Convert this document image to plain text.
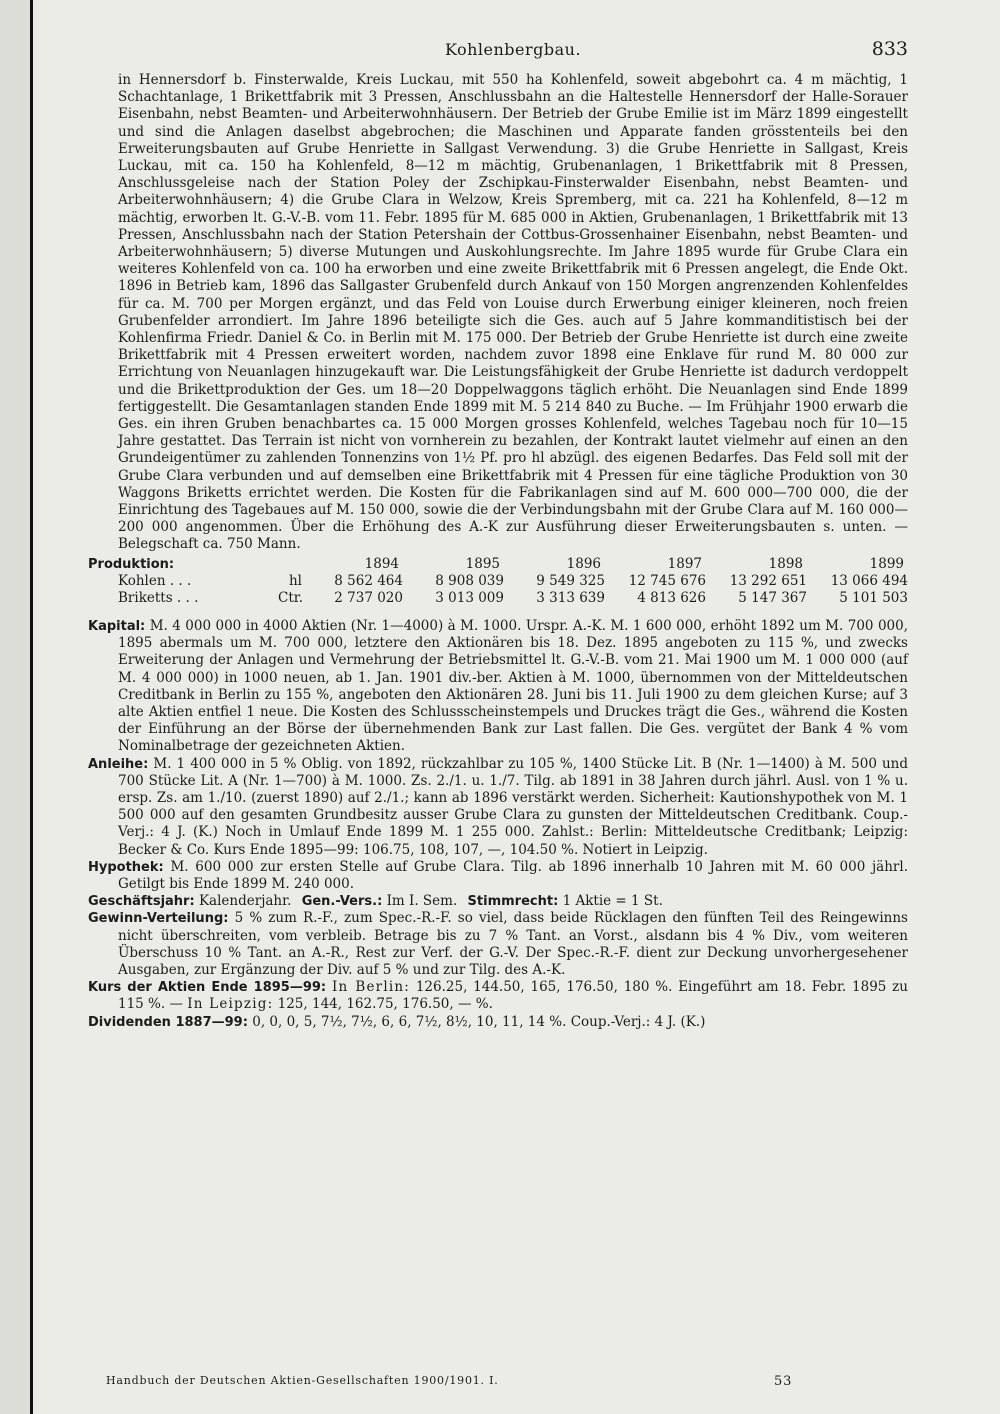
Kohlenbergbau.	833

in Hennersdorf b. Finsterwalde, Kreis Luckau, mit 550 ha Kohlenfeld, soweit abgebohrt ca. 4 m mächtig, 1 Schachtanlage, 1 Brikettfabrik mit 3 Pressen, Anschlussbahn an die Haltestelle Hennersdorf der Halle-Sorauer Eisenbahn, nebst Beamten- und Arbeiterwohnhäusern. Der Betrieb der Grube Emilie ist im März 1899 eingestellt und sind die Anlagen daselbst abgebrochen; die Maschinen und Apparate fanden grösstenteils bei den Erweiterungsbauten auf Grube Henriette in Sallgast Verwendung. 3) die Grube Henriette in Sallgast, Kreis Luckau, mit ca. 150 ha Kohlenfeld, 8—12 m mächtig, Grubenanlagen, 1 Brikettfabrik mit 8 Pressen, Anschlussgeleise nach der Station Poley der Zschipkau-Finsterwalder Eisenbahn, nebst Beamten- und Arbeiterwohnhäusern; 4) die Grube Clara in Welzow, Kreis Spremberg, mit ca. 221 ha Kohlenfeld, 8—12 m mächtig, erworben lt. G.-V.-B. vom 11. Febr. 1895 für M. 685 000 in Aktien, Grubenanlagen, 1 Brikettfabrik mit 13 Pressen, Anschlussbahn nach der Station Petershain der Cottbus-Grossenhainer Eisenbahn, nebst Beamten- und Arbeiterwohnhäusern; 5) diverse Mutungen und Auskohlungsrechte. Im Jahre 1895 wurde für Grube Clara ein weiteres Kohlenfeld von ca. 100 ha erworben und eine zweite Brikettfabrik mit 6 Pressen angelegt, die Ende Okt. 1896 in Betrieb kam, 1896 das Sallgaster Grubenfeld durch Ankauf von 150 Morgen angrenzenden Kohlenfeldes für ca. M. 700 per Morgen ergänzt, und das Feld von Louise durch Erwerbung einiger kleineren, noch freien Grubenfelder arrondiert. Im Jahre 1896 beteiligte sich die Ges. auch auf 5 Jahre kommanditistisch bei der Kohlenfirma Friedr. Daniel & Co. in Berlin mit M. 175 000. Der Betrieb der Grube Henriette ist durch eine zweite Brikettfabrik mit 4 Pressen erweitert worden, nachdem zuvor 1898 eine Enklave für rund M. 80 000 zur Errichtung von Neuanlagen hinzugekauft war. Die Leistungsfähigkeit der Grube Henriette ist dadurch verdoppelt und die Brikettproduktion der Ges. um 18—20 Doppelwaggons täglich erhöht. Die Neuanlagen sind Ende 1899 fertiggestellt. Die Gesamtanlagen standen Ende 1899 mit M. 5 214 840 zu Buche. — Im Frühjahr 1900 erwarb die Ges. ein ihren Gruben benachbartes ca. 15 000 Morgen grosses Kohlenfeld, welches Tagebau noch für 10—15 Jahre gestattet. Das Terrain ist nicht von vornherein zu bezahlen, der Kontrakt lautet vielmehr auf einen an den Grundeigentümer zu zahlenden Tonnenzins von 1½ Pf. pro hl abzügl. des eigenen Bedarfes. Das Feld soll mit der Grube Clara verbunden und auf demselben eine Brikettfabrik mit 4 Pressen für eine tägliche Produktion von 30 Waggons Briketts errichtet werden. Die Kosten für die Fabrikanlagen sind auf M. 600 000—700 000, die der Einrichtung des Tagebaues auf M. 150 000, sowie die der Verbindungsbahn mit der Grube Clara auf M. 160 000—200 000 angenommen. Über die Erhöhung des A.-K zur Ausführung dieser Erweiterungsbauten s. unten. — Belegschaft ca. 750 Mann.

Produktion:	1894	1895	1896	1897	1898	1899
Kohlen . . .	hl	8 562 464	8 908 039	9 549 325	12 745 676	13 292 651	13 066 494
Briketts . . .	Ctr.	2 737 020	3 013 009	3 313 639	4 813 626	5 147 367	5 101 503

Kapital: M. 4 000 000 in 4000 Aktien (Nr. 1—4000) à M. 1000. Urspr. A.-K. M. 1 600 000, erhöht 1892 um M. 700 000, 1895 abermals um M. 700 000, letztere den Aktionären bis 18. Dez. 1895 angeboten zu 115 %, und zwecks Erweiterung der Anlagen und Vermehrung der Betriebsmittel lt. G.-V.-B. vom 21. Mai 1900 um M. 1 000 000 (auf M. 4 000 000) in 1000 neuen, ab 1. Jan. 1901 div.-ber. Aktien à M. 1000, übernommen von der Mitteldeutschen Creditbank in Berlin zu 155 %, angeboten den Aktionären 28. Juni bis 11. Juli 1900 zu dem gleichen Kurse; auf 3 alte Aktien entfiel 1 neue. Die Kosten des Schlussscheinstempels und Druckes trägt die Ges., während die Kosten der Einführung an der Börse der übernehmenden Bank zur Last fallen. Die Ges. vergütet der Bank 4 % vom Nominalbetrage der gezeichneten Aktien.

Anleihe: M. 1 400 000 in 5 % Oblig. von 1892, rückzahlbar zu 105 %, 1400 Stücke Lit. B (Nr. 1—1400) à M. 500 und 700 Stücke Lit. A (Nr. 1—700) à M. 1000. Zs. 2./1. u. 1./7. Tilg. ab 1891 in 38 Jahren durch jährl. Ausl. von 1 % u. ersp. Zs. am 1./10. (zuerst 1890) auf 2./1.; kann ab 1896 verstärkt werden. Sicherheit: Kautionshypothek von M. 1 500 000 auf den gesamten Grundbesitz ausser Grube Clara zu gunsten der Mitteldeutschen Creditbank. Coup.-Verj.: 4 J. (K.) Noch in Umlauf Ende 1899 M. 1 255 000. Zahlst.: Berlin: Mitteldeutsche Creditbank; Leipzig: Becker & Co. Kurs Ende 1895—99: 106.75, 108, 107, —, 104.50 %. Notiert in Leipzig.

Hypothek: M. 600 000 zur ersten Stelle auf Grube Clara. Tilg. ab 1896 innerhalb 10 Jahren mit M. 60 000 jährl. Getilgt bis Ende 1899 M. 240 000.

Geschäftsjahr: Kalenderjahr. Gen.-Vers.: Im I. Sem. Stimmrecht: 1 Aktie = 1 St.

Gewinn-Verteilung: 5 % zum R.-F., zum Spec.-R.-F. so viel, dass beide Rücklagen den fünften Teil des Reingewinns nicht überschreiten, vom verbleib. Betrage bis zu 7 % Tant. an Vorst., alsdann bis 4 % Div., vom weiteren Überschuss 10 % Tant. an A.-R., Rest zur Verf. der G.-V. Der Spec.-R.-F. dient zur Deckung unvorhergesehener Ausgaben, zur Ergänzung der Div. auf 5 % und zur Tilg. des A.-K.

Kurs der Aktien Ende 1895—99: In Berlin: 126.25, 144.50, 165, 176.50, 180 %. Eingeführt am 18. Febr. 1895 zu 115 %. — In Leipzig: 125, 144, 162.75, 176.50, — %.

Dividenden 1887—99: 0, 0, 0, 5, 7½, 7½, 6, 6, 7½, 8½, 10, 11, 14 %. Coup.-Verj.: 4 J. (K.)

Handbuch der Deutschen Aktien-Gesellschaften 1900/1901. I.	53
